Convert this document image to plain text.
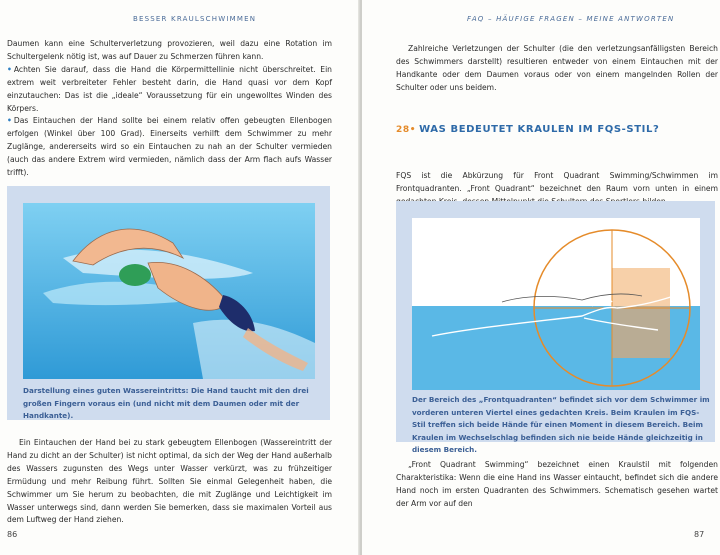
BESSER KRAULSCHWIMMEN

Daumen kann eine Schulterverletzung provozieren, weil dazu eine Rotation im Schultergelenk nötig ist, was auf Dauer zu Schmerzen führen kann.

• Achten Sie darauf, dass die Hand die Körpermittellinie nicht überschreitet. Ein extrem weit verbreiteter Fehler besteht darin, die Hand quasi vor dem Kopf einzutauchen: Das ist die „ideale“ Voraussetzung für ein ungewolltes Winden des Körpers.

• Das Eintauchen der Hand sollte bei einem relativ offen gebeugten Ellenbogen erfolgen (Winkel über 100 Grad). Einerseits verhilft dem Schwimmer zu mehr Zuglänge, andererseits wird so ein Eintauchen zu nah an der Schulter vermieden (auch das andere Extrem wird vermieden, nämlich dass der Arm flach aufs Wasser trifft).

Darstellung eines guten Wassereintritts: Die Hand taucht mit den drei großen Fingern voraus ein (und nicht mit dem Daumen oder mit der Handkante).

Ein Eintauchen der Hand bei zu stark gebeugtem Ellenbogen (Wassereintritt der Hand zu dicht an der Schulter) ist nicht optimal, da sich der Weg der Hand außerhalb des Wassers zugunsten des Wegs unter Wasser verkürzt, was zu frühzeitiger Ermüdung und mehr Reibung führt. Sollten Sie einmal Gelegenheit haben, die Schwimmer um Sie herum zu beobachten, die mit Zuglänge und Leichtigkeit im Wasser unterwegs sind, dann werden Sie bemerken, dass sie maximalen Vorteil aus dem Luftweg der Hand ziehen.

86
FAQ – HÄUFIGE FRAGEN – MEINE ANTWORTEN

Zahlreiche Verletzungen der Schulter (die den verletzungsanfälligsten Bereich des Schwimmers darstellt) resultieren entweder von einem Eintauchen mit der Handkante oder dem Daumen voraus oder von einem mangelnden Rollen der Schulter oder uns beidem.

28• WAS BEDEUTET KRAULEN IM FQS-STIL?

FQS ist die Abkürzung für Front Quadrant Swimming/Schwimmen im Frontquadranten. „Front Quadrant“ bezeichnet den Raum vorn unten in einem

Der Bereich des „Frontquadranten“ befindet sich vor dem Schwimmer im vorderen unteren Viertel eines gedachten Kreis. Beim Kraulen im FQS-Stil treffen sich beide Hände für einen Moment in diesem Bereich. Beim Kraulen im Wechselschlag befinden sich nie beide Hände gleichzeitig in diesem Bereich.

„Front Quadrant Swimming“ bezeichnet einen Kraulstil mit folgenden Charakteristika: Wenn die eine Hand ins Wasser eintaucht, befindet sich die andere Hand noch im ersten Quadranten des Schwimmers. Schematisch gesehen wartet der Arm vor auf den

87
